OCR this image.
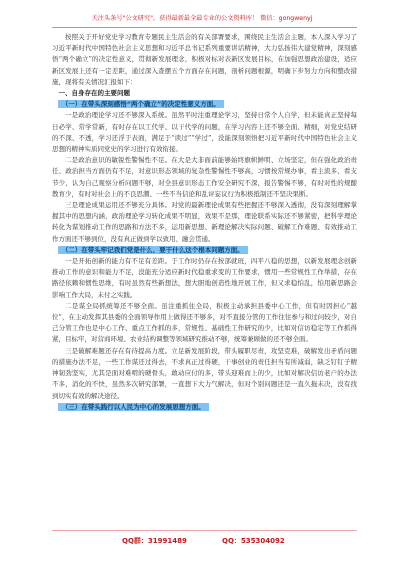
关注头条号"公文研究"，获得最新最全最专业的公文资料库！ 微信：gongwenyj

按照关于开好党史学习教育专题民主生活会的有关部署要求，围绕民主生活会主题，本人深入学习了习近平新时代中国特色社会主义思想和习近平总书记系列重要讲话精神，大力弘扬伟大建党精神，深刻感悟“两个确立”的决定性意义，贯彻新发展理念，积极对标对表新区发展目标，在加强思想政治建设，适应新区发展上还有一定差距，通过深入查摆五个方面存在问题，剖析问题根源，明确下步努力方向和整改措施，现将有关情况汇报如下：

一、自身存在的主要问题

（一）在带头深刻感悟“两个确立”的决定性意义方面。

一是政治理论学习还不够深入系统。虽然平时注重理论学习，坚持日常个人自学，但未能真正坚持每日必学、常学常新，有时存在以工代学、以干代学的问题，在学习内容上还不够全面、精细，对党史结研的不深、不透，学习还浮于表面，满足于“读过”“学过”，没能深刻领悟把习近平新时代中国特色社会主义思想的精神实质同党史的学习进行有效衔接。

二是政治意识的敏锐性警惕性不足。在大是大非面前能够始终旗帜鲜明、立场坚定，但在强化政治责任、政治担当方面仍有不足，对意识形态领域的复杂性警惕性不够高，习惯按常规办事，看主流多、看支节少，认为自己观察分析问题不够，对全县意识形态工作安全研究不深，报告警惕不够，有时对性的规酿教育少，有时对社会上的不良思潮、一些不当信论和乱评妄议行为积极抵制还不坚决果断。

三是理论成果运用还不够充分具体。对党的最新理论成果有些把握还不够深入透彻，没有深刻理解掌握其中的思想内涵，政治理论学习转化成果不明显，效果不是那，理论联系实际还不够紧密，把科学理论转化为谋划推动工作的思路和方法不多，运用新思想、新理论解决实际问题、破解工作难题、有效推动工作方面还不够到位，没有真正做到学以致用、融会贯通。

（二）在带头牢记我们党是什么、要干什么这个根本问题方面。

一是开拓创新的能力有不足有差距。于工作时仍存在按部就班，四平八稳的思想，以新发展理念创新推动工作的意识和能力不足，没能充分适应新时代稳重求变的工作要求，惯用一些常规性工作举措，存在路径依赖和惯性思维，有时虽然有些新想法，想大胆地创造性地开展工作，但又求稳怕乱，怕用新思路会影响工作大局，未付之实践。

二是谋全局抓统筹还不够全面。虽注重抓住全局，积极主动承担县委中心工作，但有时因担心“越位”，在主动发挥其县委的全面领导作用上做得还不够多，对不直接分管的工作往往参与和过问较少，对自己分管工作也是中心工作、重点工作抓的多，常规性、基础性工作研究的少，比如对信访稳定等工作抓得紧，目标牢，对营商环境、农业结构调整等领域研究推动不够，统筹兼顾做的还不够全面。

三是破解难题还存在有待提高力度。立足新发展阶段，带头履职尽责，攻坚克难，破解发出矛盾问题的措施办法不足，一些工作谋还过得去，不求真正过得硬，干事创业的责任担当有所减弱，缺乏钉钉子精神韧劲坚实，尤其是面对难啃的硬骨头，敢动应付的多，带头迎难而上的少，比如对解决信访老户的办法不多，消化的不快，虽然多次研究部署，一直想下大力气解决，但对个别问题还是一直久拖未决，没有找到切实有效的解决途径。

（三）在带头践行以人民为中心的发展思想方面。

QQ群：31991489	QQ：535304092
